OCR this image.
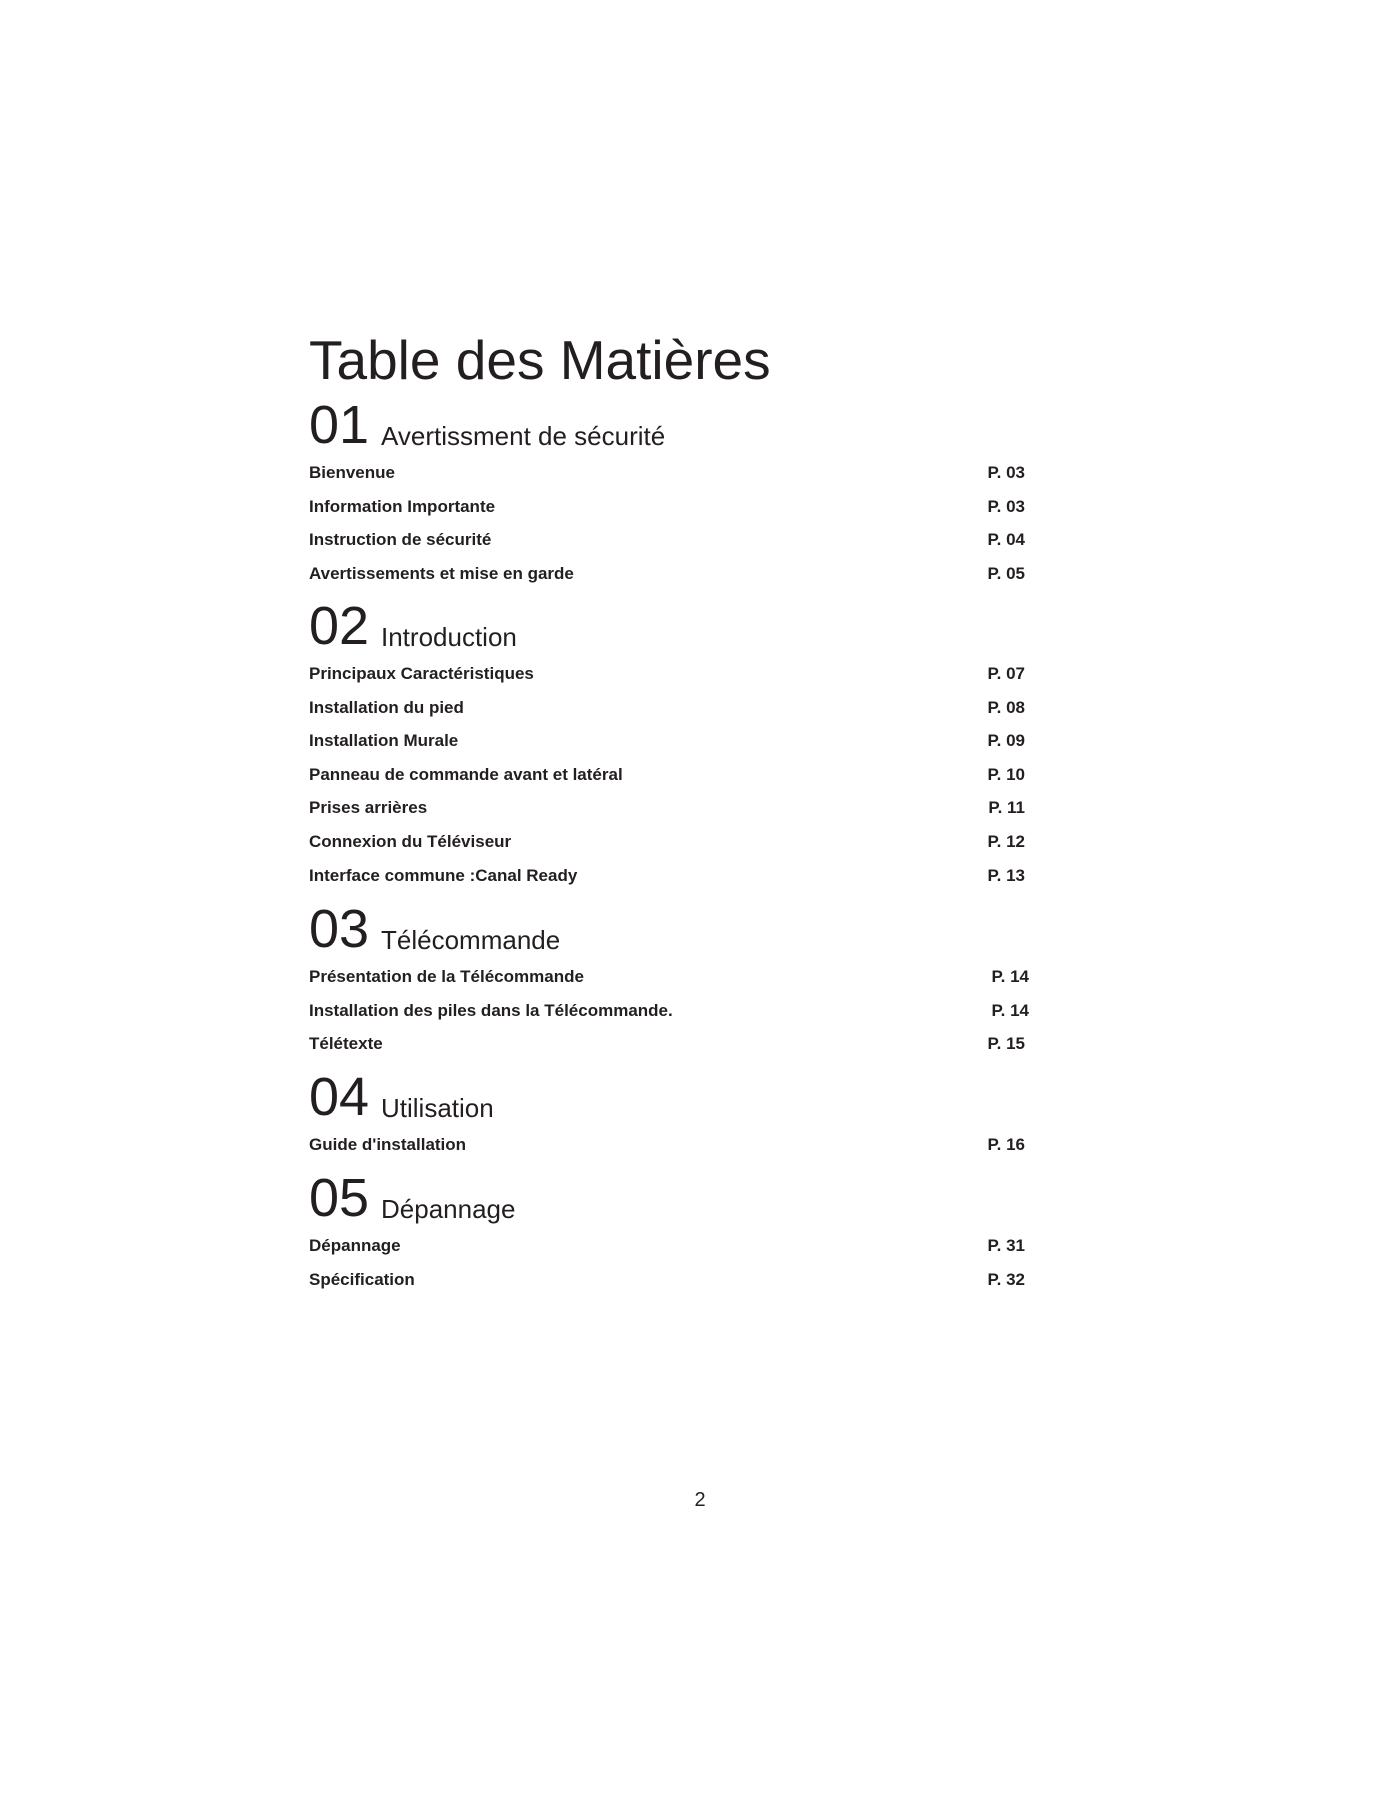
Table des Matières
01 Avertissment de sécurité
Bienvenue	P. 03
Information Importante	P. 03
Instruction de sécurité	P. 04
Avertissements et mise en garde	P. 05
02 Introduction
Principaux Caractéristiques	P. 07
Installation du pied	P. 08
Installation Murale	P. 09
Panneau de commande avant et latéral	P. 10
Prises arrières	P. 11
Connexion du Téléviseur	P. 12
Interface commune :Canal Ready	P. 13
03 Télécommande
Présentation de la Télécommande	P. 14
Installation des piles dans la Télécommande.	P. 14
Télétexte	P. 15
04 Utilisation
Guide d'installation	P. 16
05 Dépannage
Dépannage	P. 31
Spécification	P. 32
2
